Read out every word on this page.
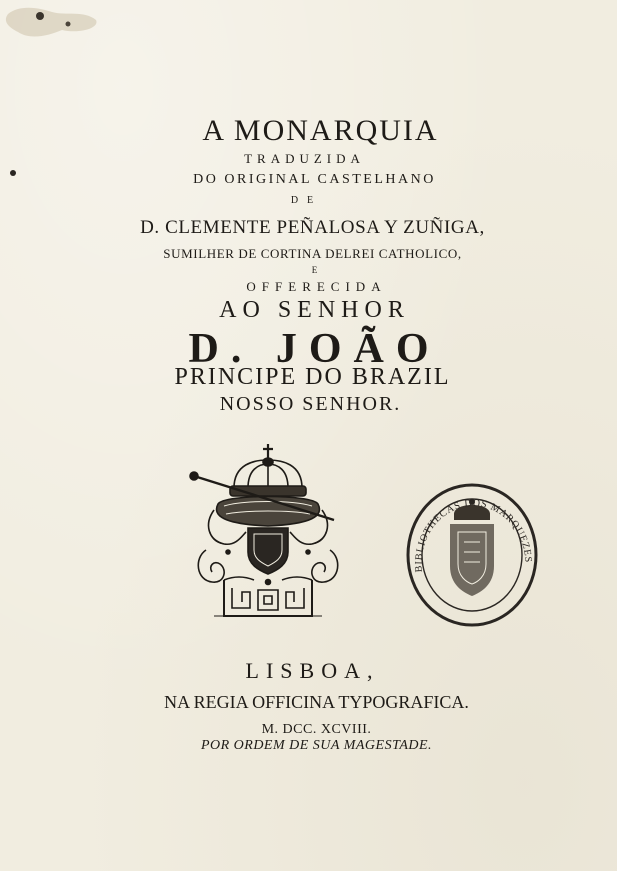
A MONARQUIA
TRADUZIDA
DO ORIGINAL CASTELHANO
DE
D. CLEMENTE PEÑALOSA Y ZUÑIGA,
SUMILHER DE CORTINA DELREI CATHOLICO,
E
OFFERECIDA
AO SENHOR
D. JOÃO
PRINCIPE DO BRAZIL
NOSSO SENHOR.
BIBLIOTHECAS DOS MARQUEZES
LISBOA,
NA REGIA OFFICINA TYPOGRAFICA.
M. DCC. XCVIII.
POR ORDEM DE SUA MAGESTADE.
